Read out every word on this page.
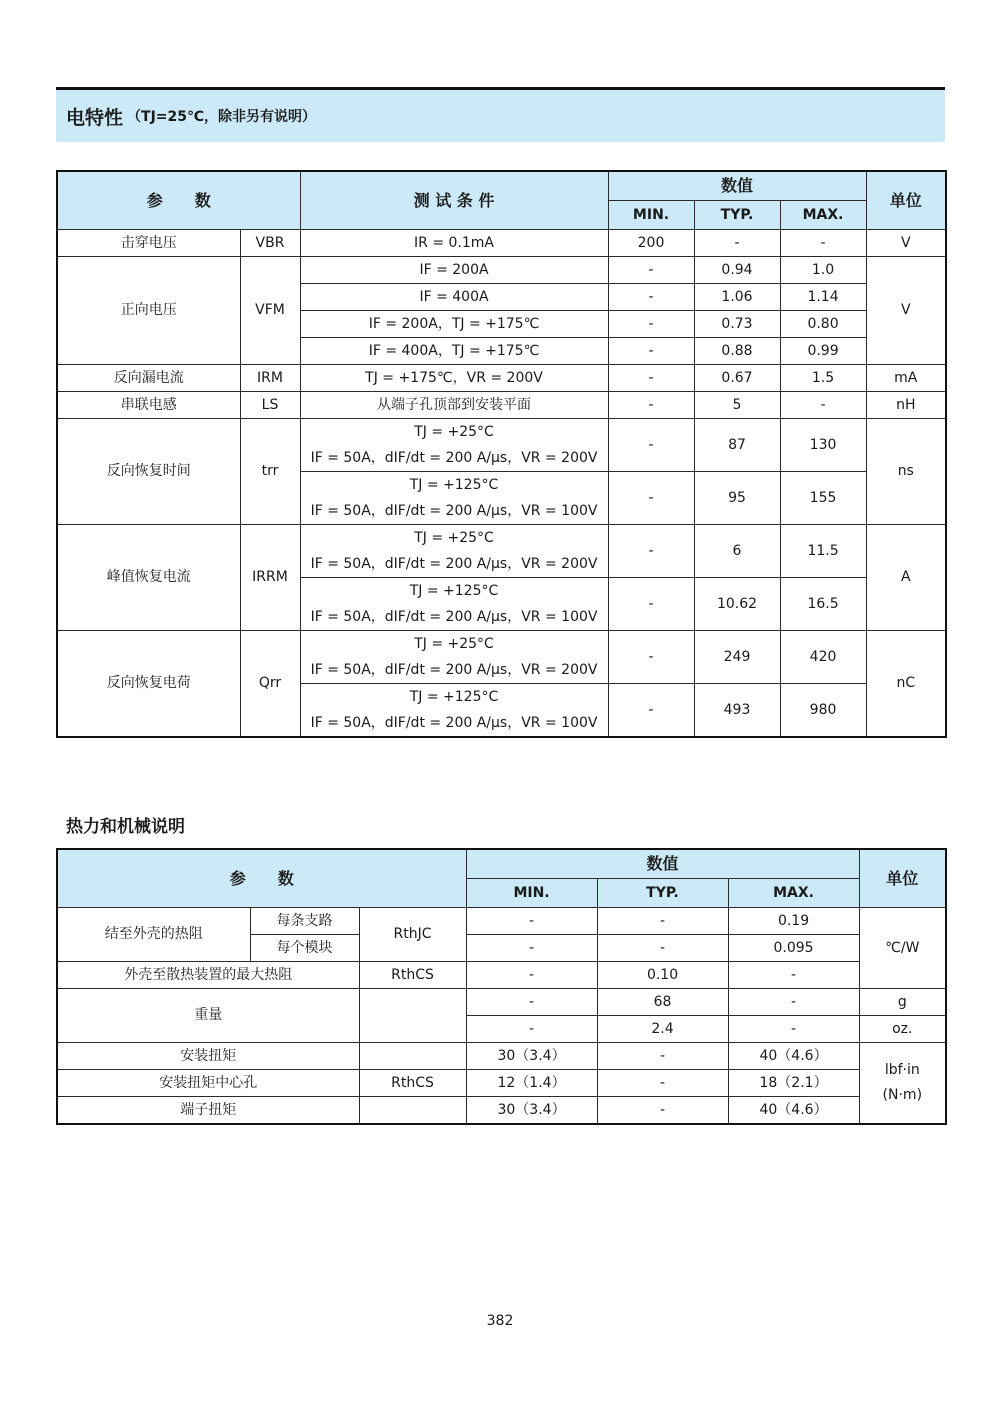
电特性 （TJ=25℃，除非另有说明）
参　　数		测 试 条 件	数值			单位
			MIN.	TYP.	MAX.	
击穿电压	VBR	IR = 0.1mA	200	-	-	V
正向电压	VFM	IF = 200A	-	0.94	1.0	V
		IF = 400A	-	1.06	1.14	
		IF = 200A，TJ = +175℃	-	0.73	0.80	
		IF = 400A，TJ = +175℃	-	0.88	0.99	
反向漏电流	IRM	TJ = +175℃，VR = 200V	-	0.67	1.5	mA
串联电感	LS	从端子孔顶部到安装平面	-	5	-	nH
反向恢复时间	trr	TJ = +25°C	-	87	130	ns
		IF = 50A，dIF/dt = 200 A/μs，VR = 200V				
		TJ = +125°C	-	95	155	
		IF = 50A，dIF/dt = 200 A/μs，VR = 100V				
峰值恢复电流	IRRM	TJ = +25°C	-	6	11.5	A
		IF = 50A，dIF/dt = 200 A/μs，VR = 200V				
		TJ = +125°C	-	10.62	16.5	
		IF = 50A，dIF/dt = 200 A/μs，VR = 100V				
反向恢复电荷	Qrr	TJ = +25°C	-	249	420	nC
		IF = 50A，dIF/dt = 200 A/μs，VR = 200V				
		TJ = +125°C	-	493	980	
		IF = 50A，dIF/dt = 200 A/μs，VR = 100V				
热力和机械说明
参　　数			数值			单位
			MIN.	TYP.	MAX.	
结至外壳的热阻	每条支路	RthJC	-	-	0.19	℃/W
	每个模块		-	-	0.095	
外壳至散热装置的最大热阻		RthCS	-	0.10	-	
重量			-	68	-	g
			-	2.4	-	oz.
安装扭矩			30（3.4）	-	40（4.6）	lbf·in
(N·m)

安装扭矩中心孔		RthCS	12（1.4）	-	18（2.1）	
端子扭矩			30（3.4）	-	40（4.6）	
382
